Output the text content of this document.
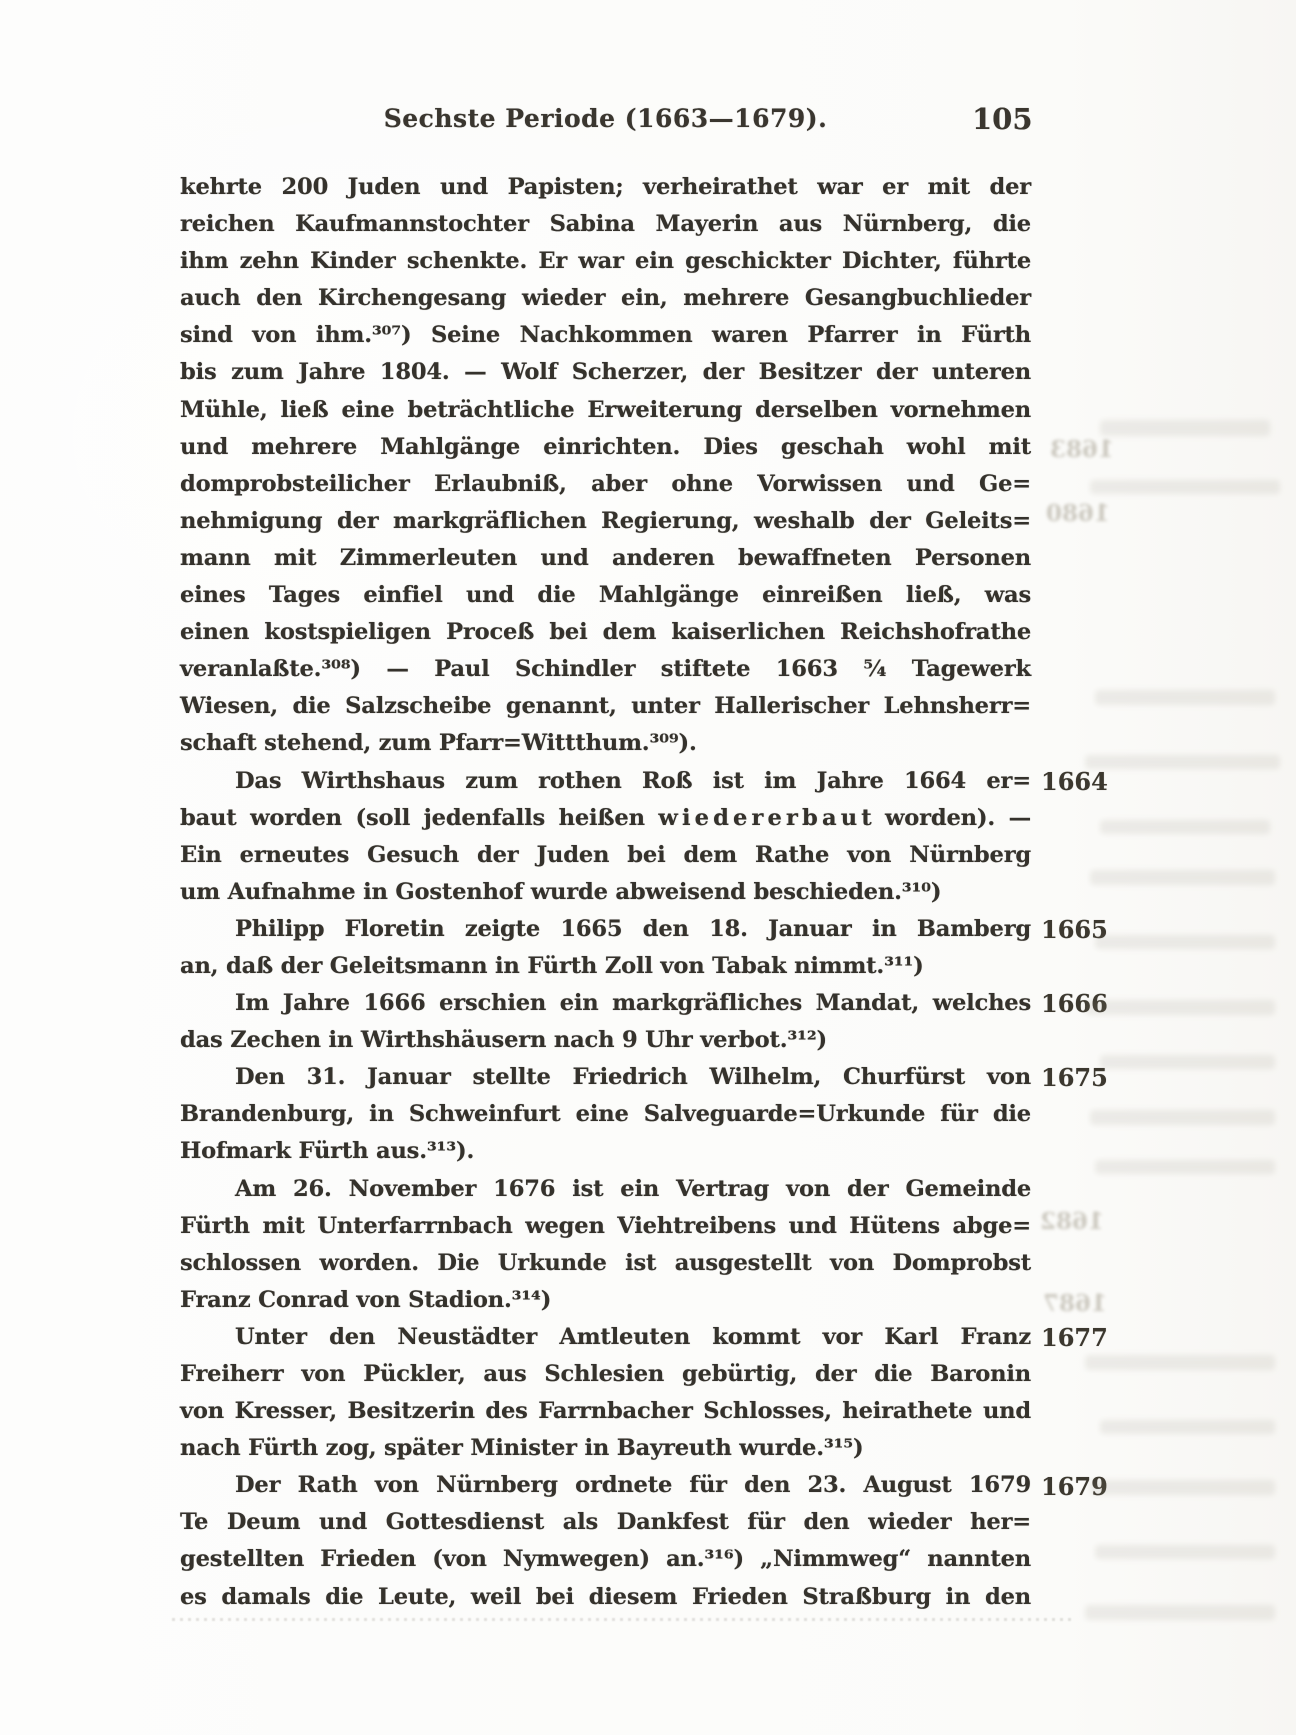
Sechste Periode (1663—1679).	105
kehrte 200 Juden und Papisten; verheirathet war er mit der
reichen Kaufmannstochter Sabina Mayerin aus Nürnberg, die
ihm zehn Kinder schenkte. Er war ein geschickter Dichter, führte
auch den Kirchengesang wieder ein, mehrere Gesangbuchlieder
sind von ihm.³⁰⁷) Seine Nachkommen waren Pfarrer in Fürth
bis zum Jahre 1804. — Wolf Scherzer, der Besitzer der unteren
Mühle, ließ eine beträchtliche Erweiterung derselben vornehmen
und mehrere Mahlgänge einrichten. Dies geschah wohl mit
domprobsteilicher Erlaubniß, aber ohne Vorwissen und Ge=
nehmigung der markgräflichen Regierung, weshalb der Geleits=
mann mit Zimmerleuten und anderen bewaffneten Personen
eines Tages einfiel und die Mahlgänge einreißen ließ, was
einen kostspieligen Proceß bei dem kaiserlichen Reichshofrathe
veranlaßte.³⁰⁸) — Paul Schindler stiftete 1663 ⁵⁄₄ Tagewerk
Wiesen, die Salzscheibe genannt, unter Hallerischer Lehnsherr=
schaft stehend, zum Pfarr=Wittthum.³⁰⁹).
Das Wirthshaus zum rothen Roß ist im Jahre 1664 er=
baut worden (soll jedenfalls heißen w i e d e r e r b a u t worden). —
Ein erneutes Gesuch der Juden bei dem Rathe von Nürnberg
um Aufnahme in Gostenhof wurde abweisend beschieden.³¹⁰)
Philipp Floretin zeigte 1665 den 18. Januar in Bamberg
an, daß der Geleitsmann in Fürth Zoll von Tabak nimmt.³¹¹)
Im Jahre 1666 erschien ein markgräfliches Mandat, welches
das Zechen in Wirthshäusern nach 9 Uhr verbot.³¹²)
Den 31. Januar stellte Friedrich Wilhelm, Churfürst von
Brandenburg, in Schweinfurt eine Salveguarde=Urkunde für die
Hofmark Fürth aus.³¹³).
Am 26. November 1676 ist ein Vertrag von der Gemeinde
Fürth mit Unterfarrnbach wegen Viehtreibens und Hütens abge=
schlossen worden. Die Urkunde ist ausgestellt von Domprobst
Franz Conrad von Stadion.³¹⁴)
Unter den Neustädter Amtleuten kommt vor Karl Franz
Freiherr von Pückler, aus Schlesien gebürtig, der die Baronin
von Kresser, Besitzerin des Farrnbacher Schlosses, heirathete und
nach Fürth zog, später Minister in Bayreuth wurde.³¹⁵)
Der Rath von Nürnberg ordnete für den 23. August 1679
Te Deum und Gottesdienst als Dankfest für den wieder her=
gestellten Frieden (von Nymwegen) an.³¹⁶) „Nimmweg“ nannten
es damals die Leute, weil bei diesem Frieden Straßburg in den
1664
1665
1666
1675
1677
1679
1683
1680
1682
1687
